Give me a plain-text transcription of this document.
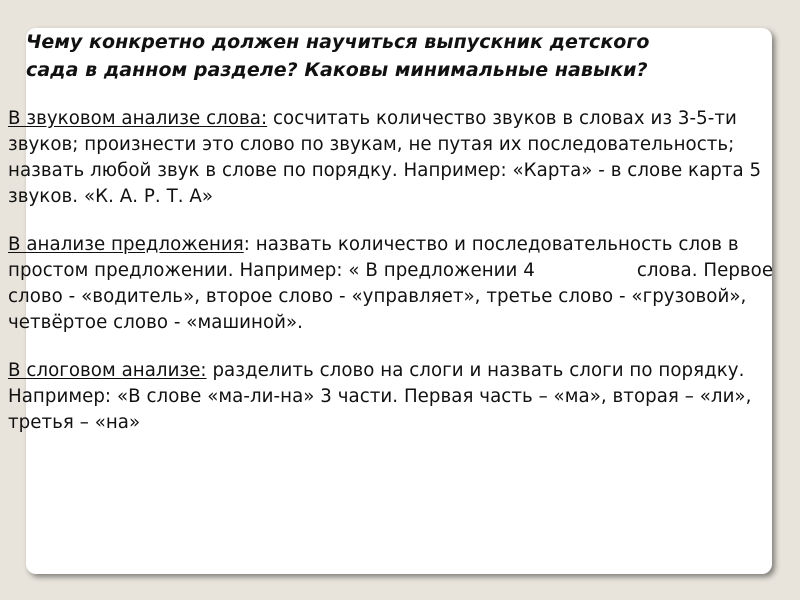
Чему конкретно должен научиться выпускник детского
сада в данном разделе? Каковы минимальные навыки?
В звуковом анализе слова: сосчитать количество звуков в словах из 3-5-ти звуков; произнести это слово по звукам, не путая их последовательность; назвать любой звук в слове по порядку. Например: «Карта» - в слове карта 5 звуков. «К. А. Р. Т. А»
В анализе предложения: назвать количество и последовательность слов в простом предложении. Например: « В предложении 4	слова. Первое слово - «водитель», второе слово - «управляет», третье слово - «грузовой», четвёртое слово - «машиной».
В слоговом анализе: разделить слово на слоги и назвать слоги по порядку. Например: «В слове «ма-ли-на» 3 части. Первая часть – «ма», вторая – «ли», третья – «на»
